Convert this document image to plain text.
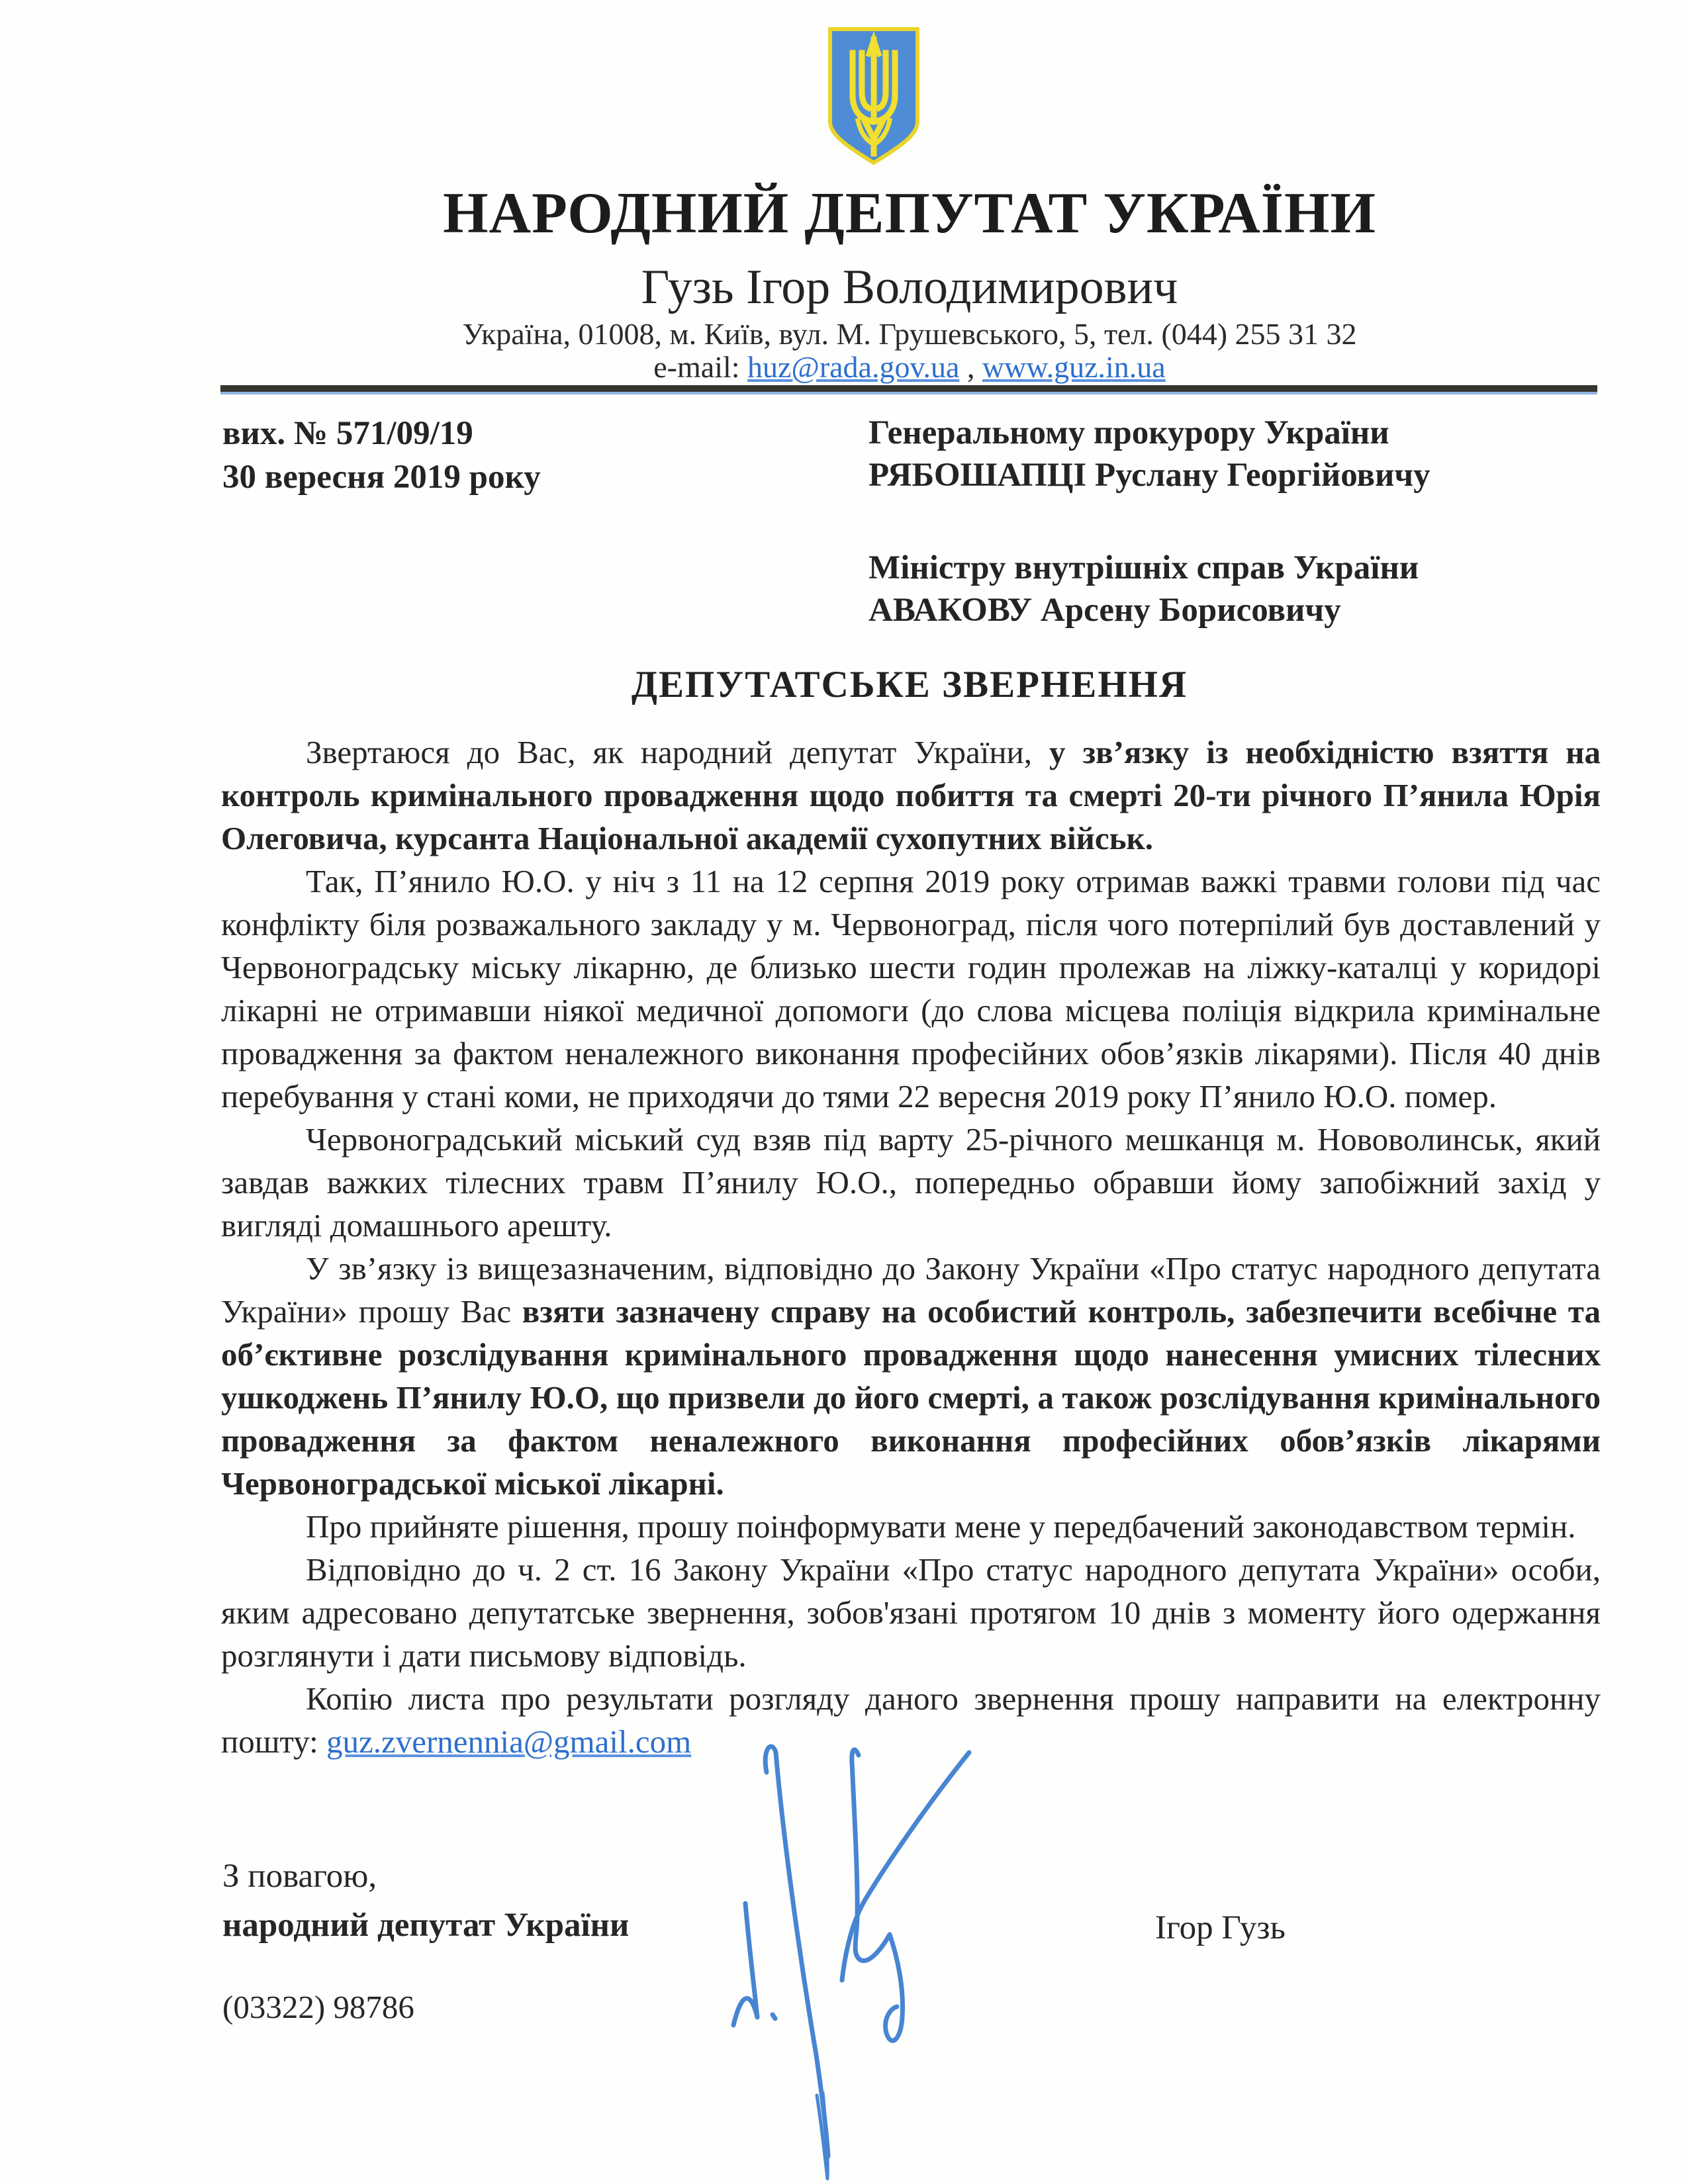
НАРОДНИЙ ДЕПУТАТ УКРАЇНИ
Гузь Ігор Володимирович
Україна, 01008, м. Київ, вул. М. Грушевського, 5, тел. (044) 255 31 32
e-mail: huz@rada.gov.ua , www.guz.in.ua
вих. № 571/09/19
30 вересня 2019 року
Генеральному прокурору України
РЯБОШАПЦІ Руслану Георгійовичу
Міністру внутрішніх справ України
АВАКОВУ Арсену Борисовичу
ДЕПУТАТСЬКЕ ЗВЕРНЕННЯ

Звертаюся до Вас, як народний депутат України, у зв’язку із необхідністю взяття на контроль кримінального провадження щодо побиття та смерті 20-ти річного П’янила Юрія Олеговича, курсанта Національної академії сухопутних військ.

Так, П’янило Ю.О. у ніч з 11 на 12 серпня 2019 року отримав важкі травми голови під час конфлікту біля розважального закладу у м. Червоноград, після чого потерпілий був доставлений у Червоноградську міську лікарню, де близько шести годин пролежав на ліжку-каталці у коридорі лікарні не отримавши ніякої медичної допомоги (до слова місцева поліція відкрила кримінальне провадження за фактом неналежного виконання професійних обов’язків лікарями). Після 40 днів перебування у стані коми, не приходячи до тями 22 вересня 2019 року П’янило Ю.О. помер.

Червоноградський міський суд взяв під варту 25-річного мешканця м. Нововолинськ, який завдав важких тілесних травм П’янилу Ю.О., попередньо обравши йому запобіжний захід у вигляді домашнього арешту.

У зв’язку із вищезазначеним, відповідно до Закону України «Про статус народного депутата України» прошу Вас взяти зазначену справу на особистий контроль, забезпечити всебічне та об’єктивне розслідування кримінального провадження щодо нанесення умисних тілесних ушкоджень П’янилу Ю.О, що призвели до його смерті, а також розслідування кримінального провадження за фактом неналежного виконання професійних обов’язків лікарями Червоноградської міської лікарні.

Про прийняте рішення, прошу поінформувати мене у передбачений законодавством термін.

Відповідно до ч. 2 ст. 16 Закону України «Про статус народного депутата України» особи, яким адресовано депутатське звернення, зобов'язані протягом 10 днів з моменту його одержання розглянути і дати письмову відповідь.

Копію листа про результати розгляду даного звернення прошу направити на електронну пошту: guz.zvernennia@gmail.com

З повагою,
народний депутат України	Ігор Гузь
(03322) 98786
